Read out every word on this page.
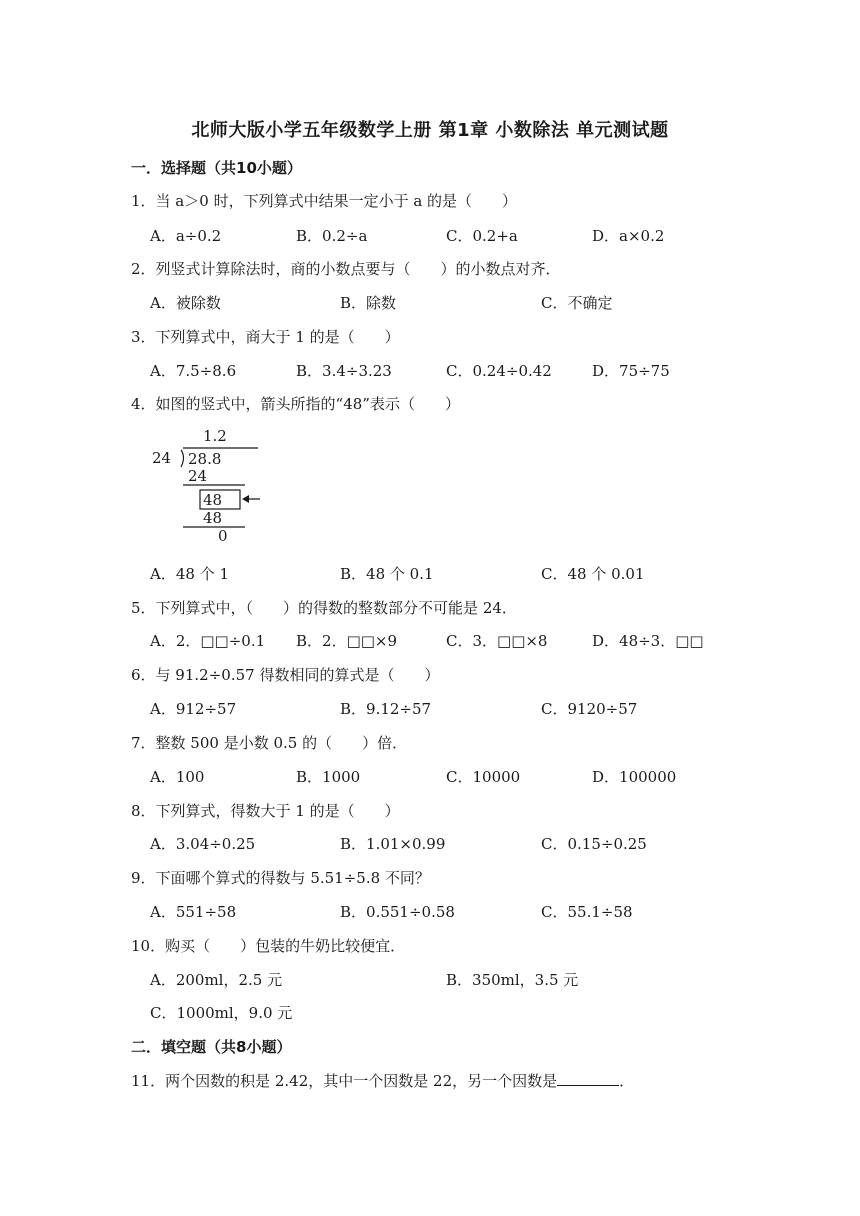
北师大版小学五年级数学上册 第1章 小数除法 单元测试题
一．选择题（共10小题）
1．当 a＞0 时，下列算式中结果一定小于 a 的是（　　）
A．a÷0.2	B．0.2÷a	C．0.2+a	D．a×0.2
2．列竖式计算除法时，商的小数点要与（　　）的小数点对齐．
A．被除数	B．除数	C．不确定
3．下列算式中，商大于 1 的是（　　）
A．7.5÷8.6	B．3.4÷3.23	C．0.24÷0.42	D．75÷75
4．如图的竖式中，箭头所指的“48”表示（　　）
1.2
24 28.8
24
48
48
0
A．48 个 1	B．48 个 0.1	C．48 个 0.01
5．下列算式中，（　　）的得数的整数部分不可能是 24．
A．2．□□÷0.1 B．2．□□×9	C．3．□□×8	D．48÷3．□□
6．与 91.2÷0.57 得数相同的算式是（　　）
A．912÷57	B．9.12÷57	C．9120÷57
7．整数 500 是小数 0.5 的（　　）倍．
A．100	B．1000	C．10000	D．100000
8．下列算式，得数大于 1 的是（　　）
A．3.04÷0.25	B．1.01×0.99	C．0.15÷0.25
9．下面哪个算式的得数与 5.51÷5.8 不同？
A．551÷58	B．0.551÷0.58	C．55.1÷58
10．购买（　　）包装的牛奶比较便宜．
A．200ml，2.5 元	B．350ml，3.5 元
C．1000ml，9.0 元
二．填空题（共8小题）
11．两个因数的积是 2.42，其中一个因数是 22，另一个因数是	．
